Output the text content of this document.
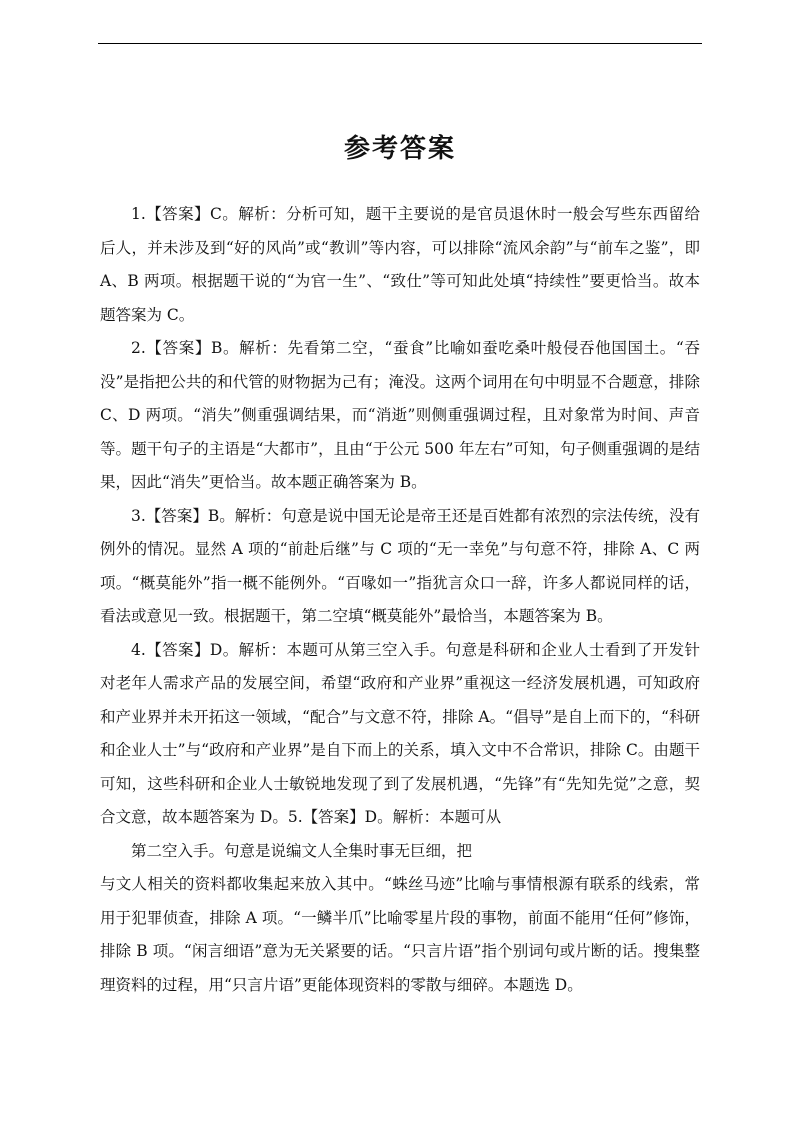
参考答案

1.【答案】C。解析：分析可知，题干主要说的是官员退休时一般会写些东西留给后人，并未涉及到“好的风尚”或“教训”等内容，可以排除“流风余韵”与“前车之鉴”，即 A、B 两项。根据题干说的“为官一生”、“致仕”等可知此处填“持续性”要更恰当。故本题答案为 C。

2.【答案】B。解析：先看第二空，“蚕食”比喻如蚕吃桑叶般侵吞他国国土。“吞没”是指把公共的和代管的财物据为己有；淹没。这两个词用在句中明显不合题意，排除 C、D 两项。“消失”侧重强调结果，而“消逝”则侧重强调过程，且对象常为时间、声音等。题干句子的主语是“大都市”，且由“于公元 500 年左右”可知，句子侧重强调的是结果，因此“消失”更恰当。故本题正确答案为 B。

3.【答案】B。解析：句意是说中国无论是帝王还是百姓都有浓烈的宗法传统，没有例外的情况。显然 A 项的“前赴后继”与 C 项的“无一幸免”与句意不符，排除 A、C 两项。“概莫能外”指一概不能例外。“百喙如一”指犹言众口一辞，许多人都说同样的话，看法或意见一致。根据题干，第二空填“概莫能外”最恰当，本题答案为 B。

4.【答案】D。解析：本题可从第三空入手。句意是科研和企业人士看到了开发针对老年人需求产品的发展空间，希望“政府和产业界”重视这一经济发展机遇，可知政府和产业界并未开拓这一领域，“配合”与文意不符，排除 A。“倡导”是自上而下的，“科研和企业人士”与“政府和产业界”是自下而上的关系，填入文中不合常识，排除 C。由题干可知，这些科研和企业人士敏锐地发现了到了发展机遇，“先锋”有“先知先觉”之意，契合文意，故本题答案为 D。5.【答案】D。解析：本题可从

第二空入手。句意是说编文人全集时事无巨细，把

与文人相关的资料都收集起来放入其中。“蛛丝马迹”比喻与事情根源有联系的线索，常用于犯罪侦查，排除 A 项。“一鳞半爪”比喻零星片段的事物，前面不能用“任何”修饰，排除 B 项。“闲言细语”意为无关紧要的话。“只言片语”指个别词句或片断的话。搜集整理资料的过程，用“只言片语”更能体现资料的零散与细碎。本题选 D。
